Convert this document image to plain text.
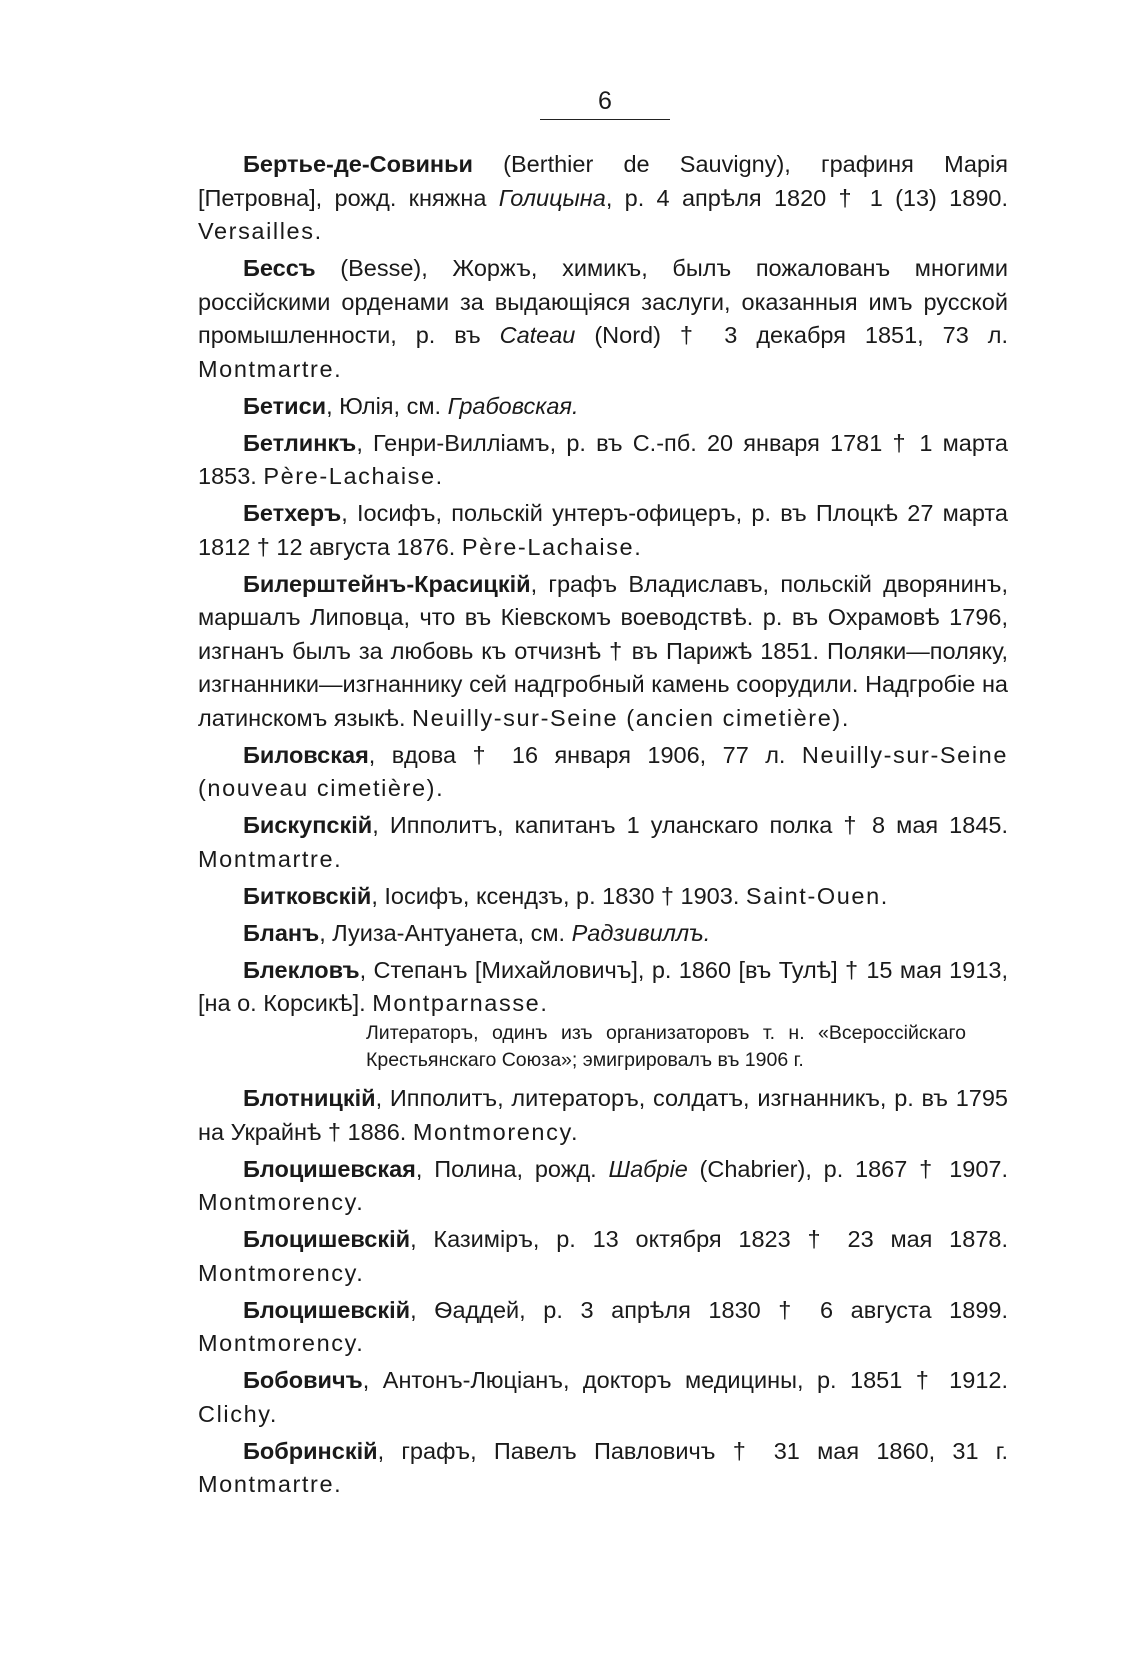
6

Бертье-де-Совиньи (Berthier de Sauvigny), графиня Марія [Петровна], рожд. княжна Голицына, р. 4 апрѣля 1820 † 1 (13) 1890. Versailles.

Бессъ (Besse), Жоржъ, химикъ, былъ пожалованъ многими россійскими орденами за выдающіяся заслуги, оказанныя имъ русской промышленности, р. въ Cateau (Nord) † 3 декабря 1851, 73 л. Montmartre.

Бетиси, Юлія, см. Грабовская.

Бетлинкъ, Генри-Вилліамъ, р. въ С.-пб. 20 января 1781 † 1 марта 1853. Père-Lachaise.

Бетхеръ, Іосифъ, польскій унтеръ-офицеръ, р. въ Плоцкѣ 27 марта 1812 † 12 августа 1876. Père-Lachaise.

Билерштейнъ-Красицкій, графъ Владиславъ, польскій дворянинъ, маршалъ Липовца, что въ Кіевскомъ воеводствѣ. р. въ Охрамовѣ 1796, изгнанъ былъ за любовь къ отчизнѣ † въ Парижѣ 1851. Поляки—поляку, изгнанники—изгнаннику сей надгробный камень соорудили. Надгробіе на латинскомъ языкѣ. Neuilly-sur-Seine (ancien cimetière).

Биловская, вдова † 16 января 1906, 77 л. Neuilly-sur-Seine (nouveau cimetière).

Бискупскій, Ипполитъ, капитанъ 1 уланскаго полка † 8 мая 1845. Montmartre.

Битковскій, Іосифъ, ксендзъ, р. 1830 † 1903. Saint-Ouen.

Бланъ, Луиза-Антуанета, см. Радзивиллъ.

Блекловъ, Степанъ [Михайловичъ], р. 1860 [въ Тулѣ] † 15 мая 1913, [на о. Корсикѣ]. Montparnasse.

Литераторъ, одинъ изъ организаторовъ т. н. «Всероссійскаго Крестьянскаго Союза»; эмигрировалъ въ 1906 г.

Блотницкій, Ипполитъ, литераторъ, солдатъ, изгнанникъ, р. въ 1795 на Украйнѣ † 1886. Montmorency.

Блоцишевская, Полина, рожд. Шабріе (Chabrier), р. 1867 † 1907. Montmorency.

Блоцишевскій, Казиміръ, р. 13 октября 1823 † 23 мая 1878. Montmorency.

Блоцишевскій, Ѳаддей, р. 3 апрѣля 1830 † 6 августа 1899. Montmorency.

Бобовичъ, Антонъ-Люціанъ, докторъ медицины, р. 1851 † 1912. Clichy.

Бобринскій, графъ, Павелъ Павловичъ † 31 мая 1860, 31 г. Montmartre.
